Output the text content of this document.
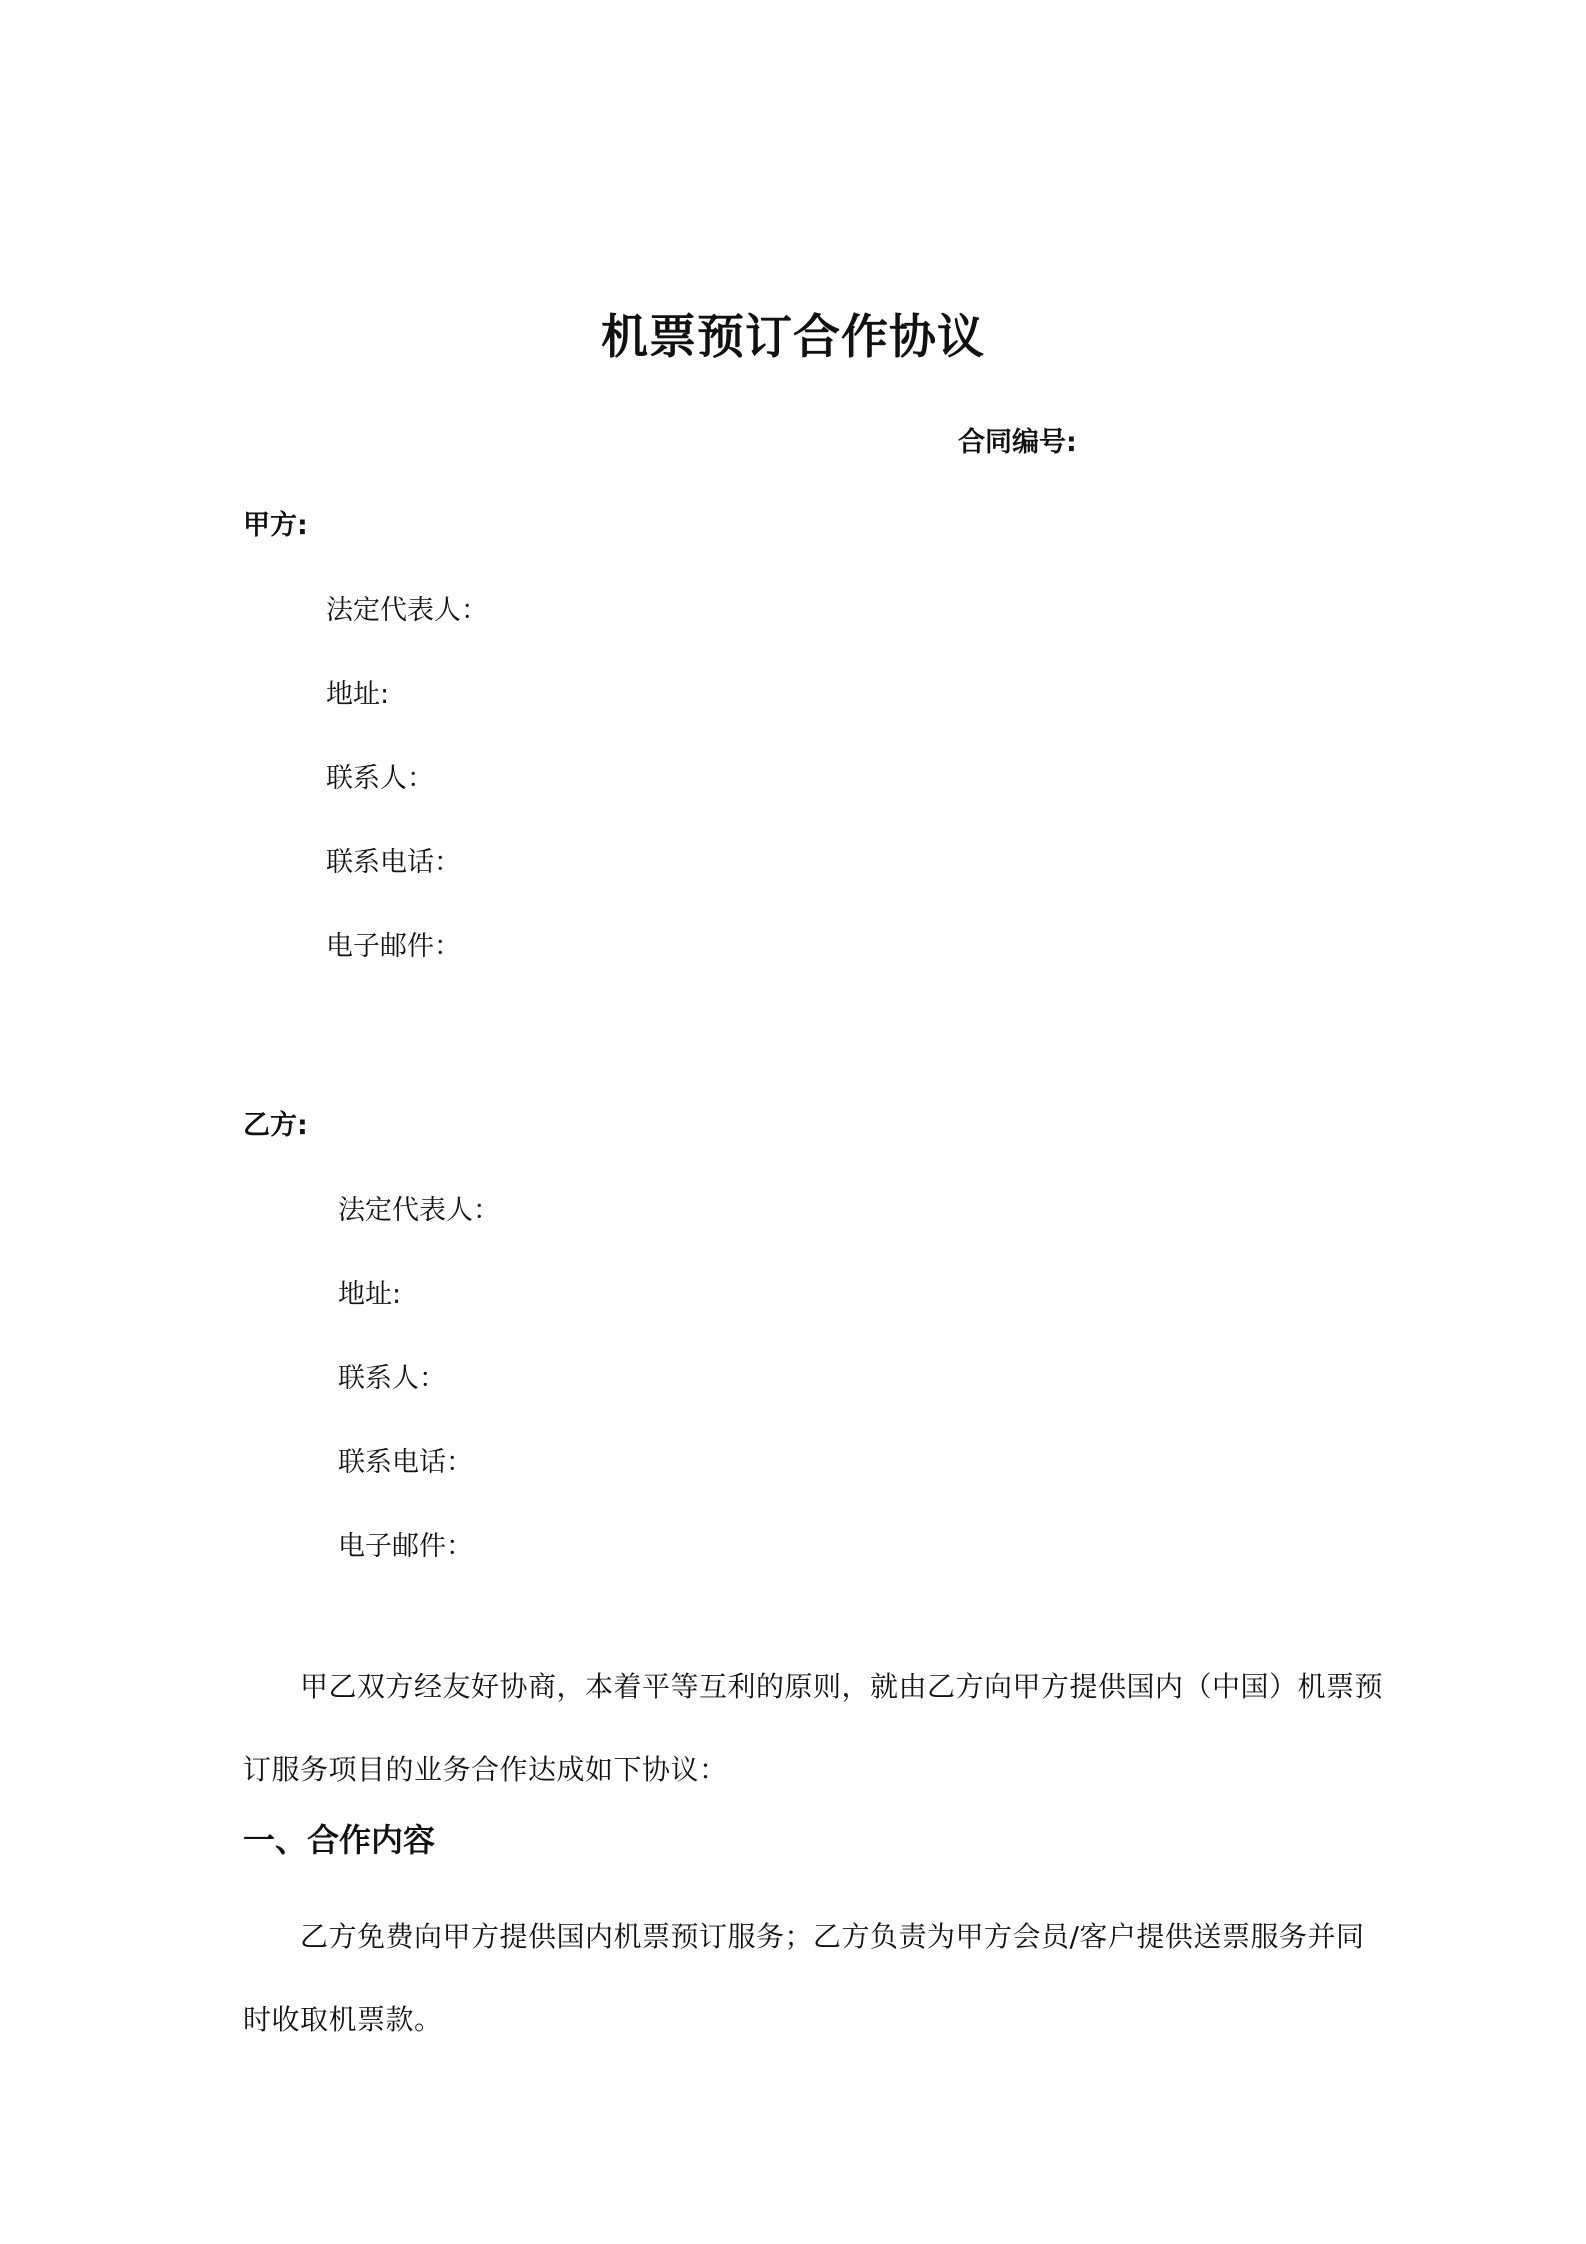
机票预订合作协议
合同编号:
甲方:
法定代表人：
地址:
联系人：
联系电话：
电子邮件：
乙方:
法定代表人：
地址:
联系人：
联系电话：
电子邮件：
甲乙双方经友好协商，本着平等互利的原则，就由乙方向甲方提供国内（中国）机票预
订服务项目的业务合作达成如下协议：
一、合作内容
乙方免费向甲方提供国内机票预订服务；乙方负责为甲方会员/客户提供送票服务并同
时收取机票款。
